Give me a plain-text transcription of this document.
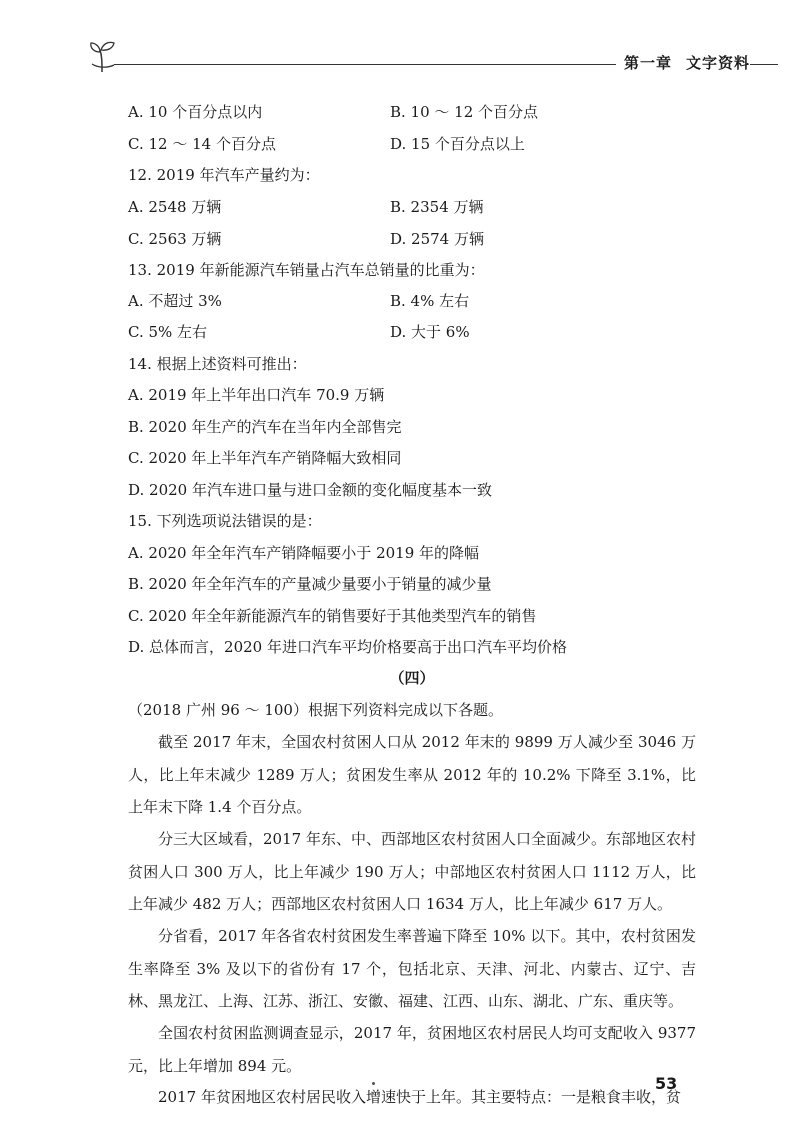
第一章 文字资料
A. 10 个百分点以内	B. 10 ～ 12 个百分点
C. 12 ～ 14 个百分点	D. 15 个百分点以上
12. 2019 年汽车产量约为：
A. 2548 万辆	B. 2354 万辆
C. 2563 万辆	D. 2574 万辆
13. 2019 年新能源汽车销量占汽车总销量的比重为：
A. 不超过 3%	B. 4% 左右
C. 5% 左右	D. 大于 6%
14. 根据上述资料可推出：
A. 2019 年上半年出口汽车 70.9 万辆
B. 2020 年生产的汽车在当年内全部售完
C. 2020 年上半年汽车产销降幅大致相同
D. 2020 年汽车进口量与进口金额的变化幅度基本一致
15. 下列选项说法错误的是：
A. 2020 年全年汽车产销降幅要小于 2019 年的降幅
B. 2020 年全年汽车的产量减少量要小于销量的减少量
C. 2020 年全年新能源汽车的销售要好于其他类型汽车的销售
D. 总体而言，2020 年进口汽车平均价格要高于出口汽车平均价格
（四）
（2018 广州 96 ～ 100）根据下列资料完成以下各题。
截至 2017 年末，全国农村贫困人口从 2012 年末的 9899 万人减少至 3046 万人，比上年末减少 1289 万人；贫困发生率从 2012 年的 10.2% 下降至 3.1%，比上年末下降 1.4 个百分点。
分三大区域看，2017 年东、中、西部地区农村贫困人口全面减少。东部地区农村贫困人口 300 万人，比上年减少 190 万人；中部地区农村贫困人口 1112 万人，比上年减少 482 万人；西部地区农村贫困人口 1634 万人，比上年减少 617 万人。
分省看，2017 年各省农村贫困发生率普遍下降至 10% 以下。其中，农村贫困发生率降至 3% 及以下的省份有 17 个，包括北京、天津、河北、内蒙古、辽宁、吉林、黑龙江、上海、江苏、浙江、安徽、福建、江西、山东、湖北、广东、重庆等。
全国农村贫困监测调查显示，2017 年，贫困地区农村居民人均可支配收入 9377 元，比上年增加 894 元。
2017 年贫困地区农村居民收入增速快于上年。其主要特点：一是粮食丰收，贫
53
